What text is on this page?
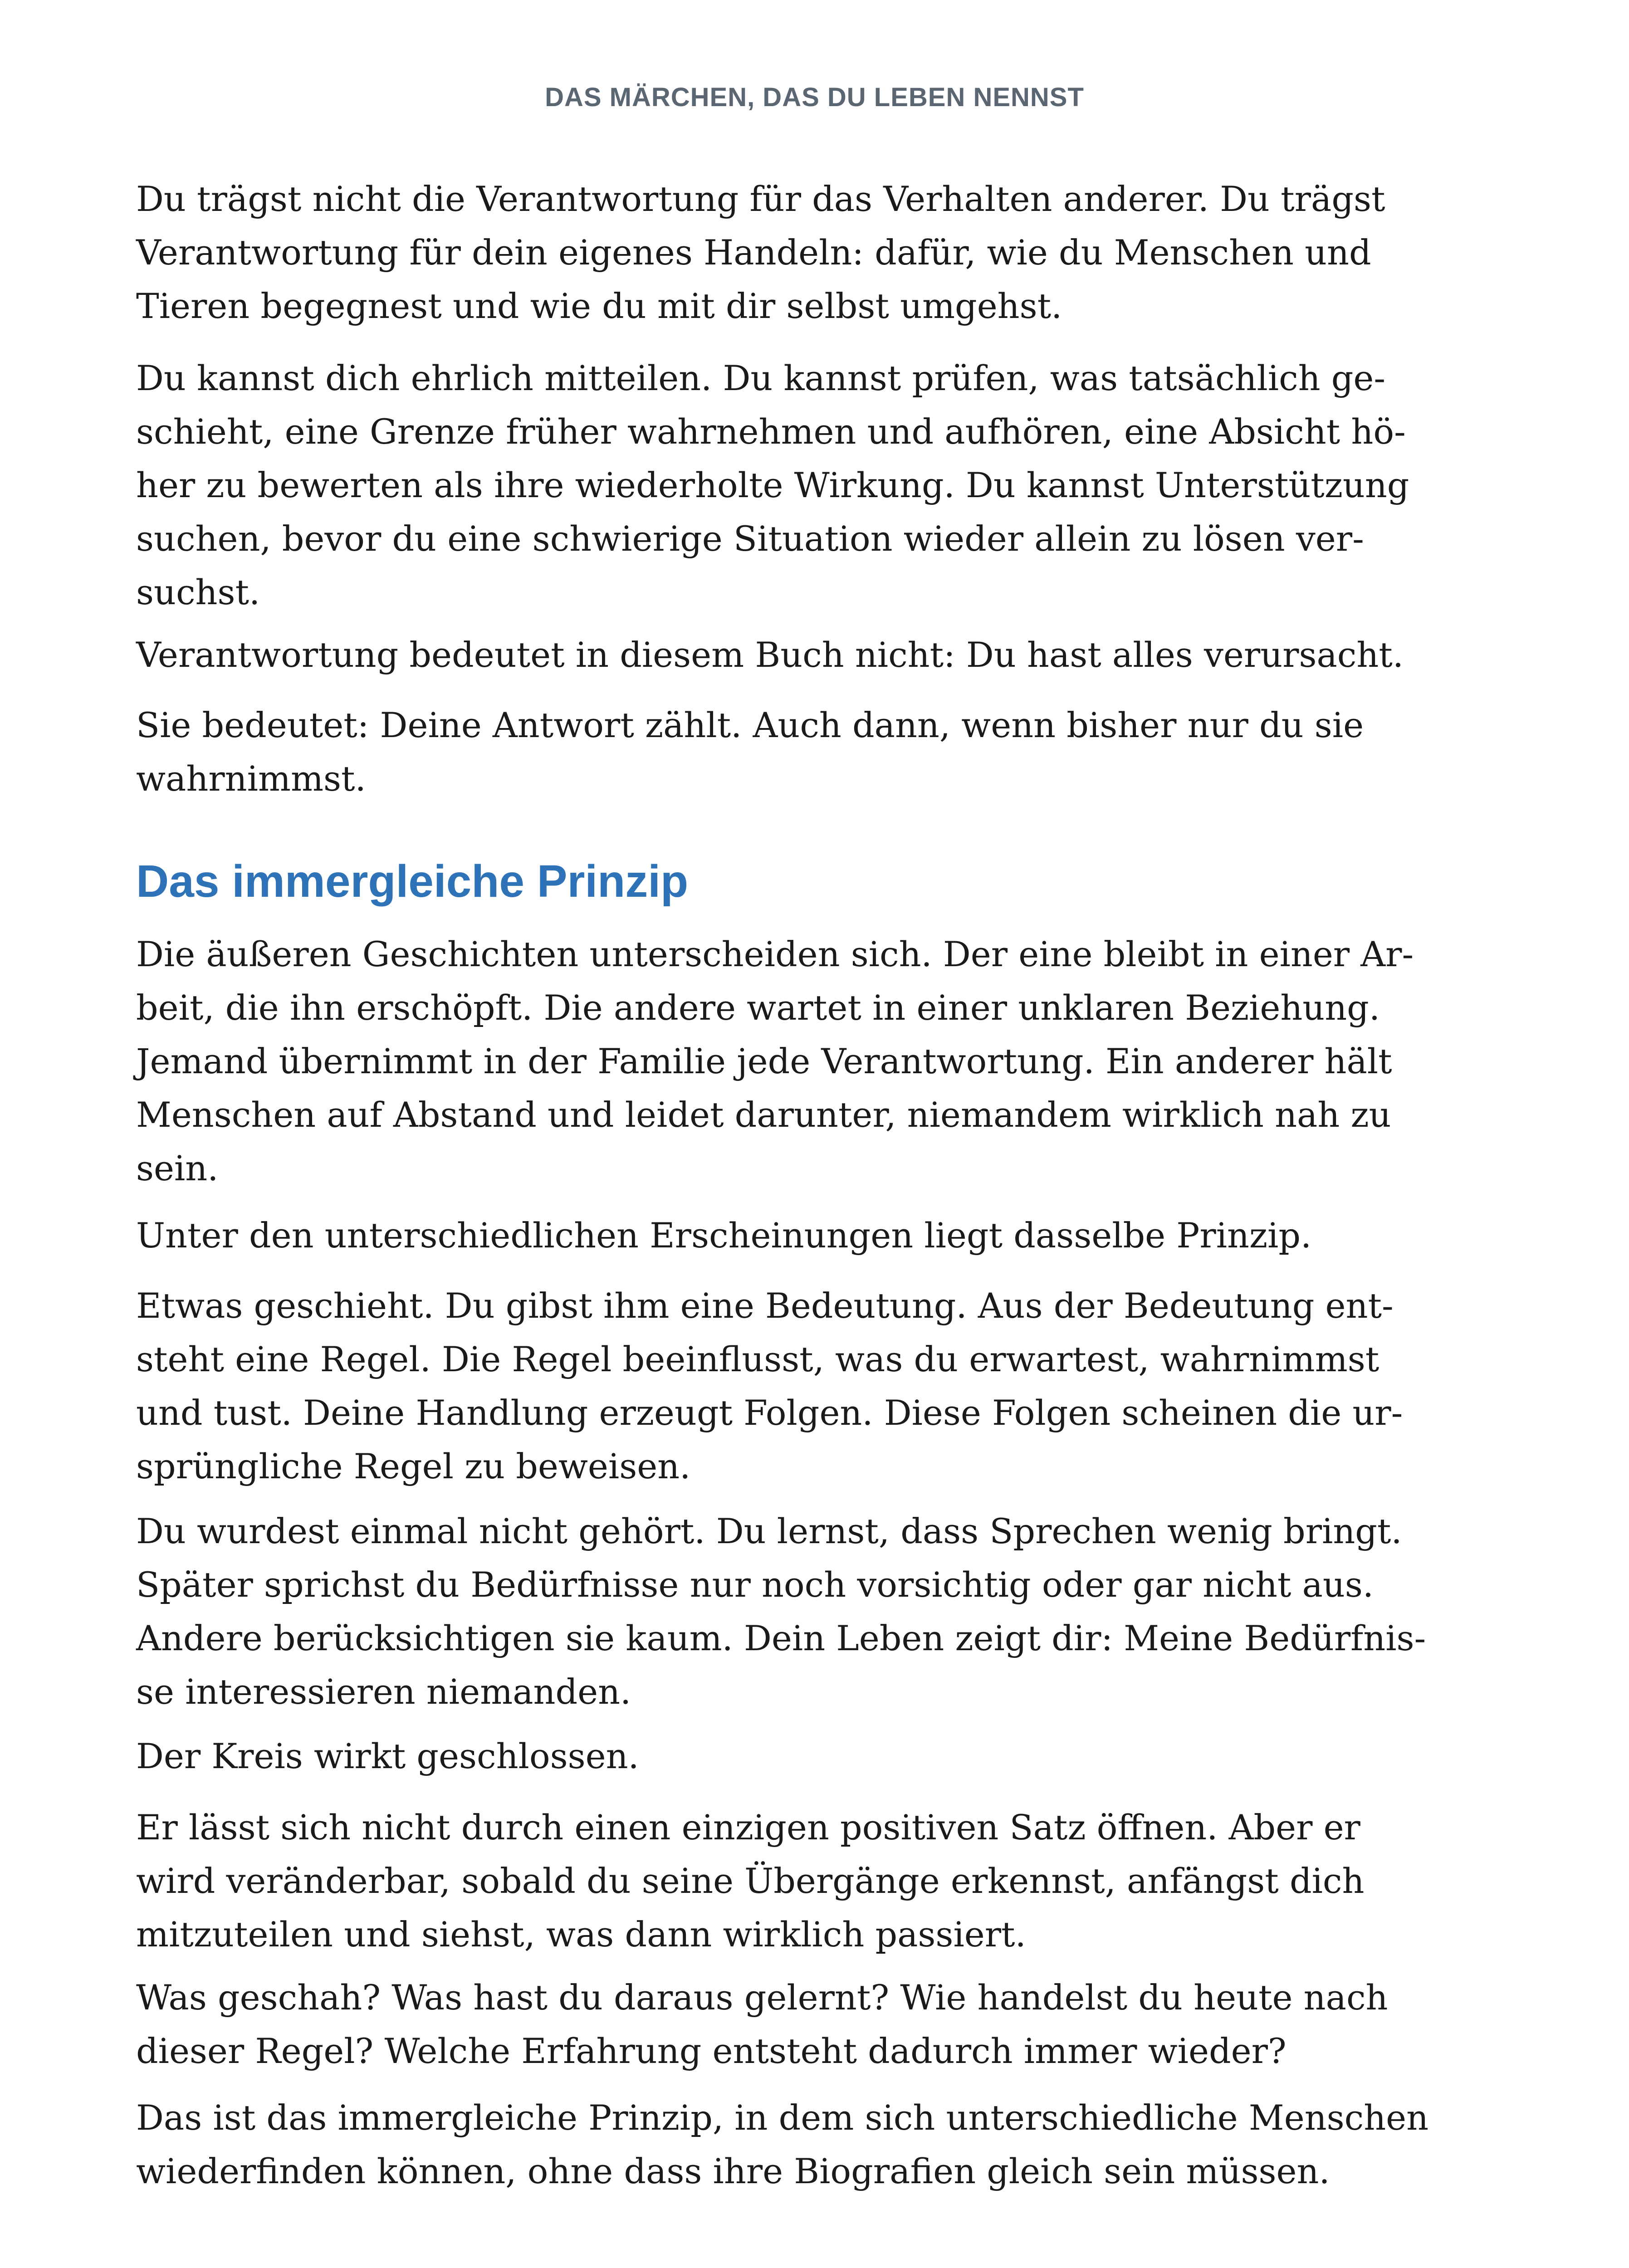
DAS MÄRCHEN, DAS DU LEBEN NENNST

Du trägst nicht die Verantwortung für das Verhalten anderer. Du trägst
Verantwortung für dein eigenes Handeln: dafür, wie du Menschen und
Tieren begegnest und wie du mit dir selbst umgehst.

Du kannst dich ehrlich mitteilen. Du kannst prüfen, was tatsächlich ge-
schieht, eine Grenze früher wahrnehmen und aufhören, eine Absicht hö-
her zu bewerten als ihre wiederholte Wirkung. Du kannst Unterstützung
suchen, bevor du eine schwierige Situation wieder allein zu lösen ver-
suchst.

Verantwortung bedeutet in diesem Buch nicht: Du hast alles verursacht.

Sie bedeutet: Deine Antwort zählt. Auch dann, wenn bisher nur du sie
wahrnimmst.

Das immergleiche Prinzip

Die äußeren Geschichten unterscheiden sich. Der eine bleibt in einer Ar-
beit, die ihn erschöpft. Die andere wartet in einer unklaren Beziehung.
Jemand übernimmt in der Familie jede Verantwortung. Ein anderer hält
Menschen auf Abstand und leidet darunter, niemandem wirklich nah zu
sein.

Unter den unterschiedlichen Erscheinungen liegt dasselbe Prinzip.

Etwas geschieht. Du gibst ihm eine Bedeutung. Aus der Bedeutung ent-
steht eine Regel. Die Regel beeinflusst, was du erwartest, wahrnimmst
und tust. Deine Handlung erzeugt Folgen. Diese Folgen scheinen die ur-
sprüngliche Regel zu beweisen.

Du wurdest einmal nicht gehört. Du lernst, dass Sprechen wenig bringt.
Später sprichst du Bedürfnisse nur noch vorsichtig oder gar nicht aus.
Andere berücksichtigen sie kaum. Dein Leben zeigt dir: Meine Bedürfnis-
se interessieren niemanden.

Der Kreis wirkt geschlossen.

Er lässt sich nicht durch einen einzigen positiven Satz öffnen. Aber er
wird veränderbar, sobald du seine Übergänge erkennst, anfängst dich
mitzuteilen und siehst, was dann wirklich passiert.

Was geschah? Was hast du daraus gelernt? Wie handelst du heute nach
dieser Regel? Welche Erfahrung entsteht dadurch immer wieder?

Das ist das immergleiche Prinzip, in dem sich unterschiedliche Menschen
wiederfinden können, ohne dass ihre Biografien gleich sein müssen.
